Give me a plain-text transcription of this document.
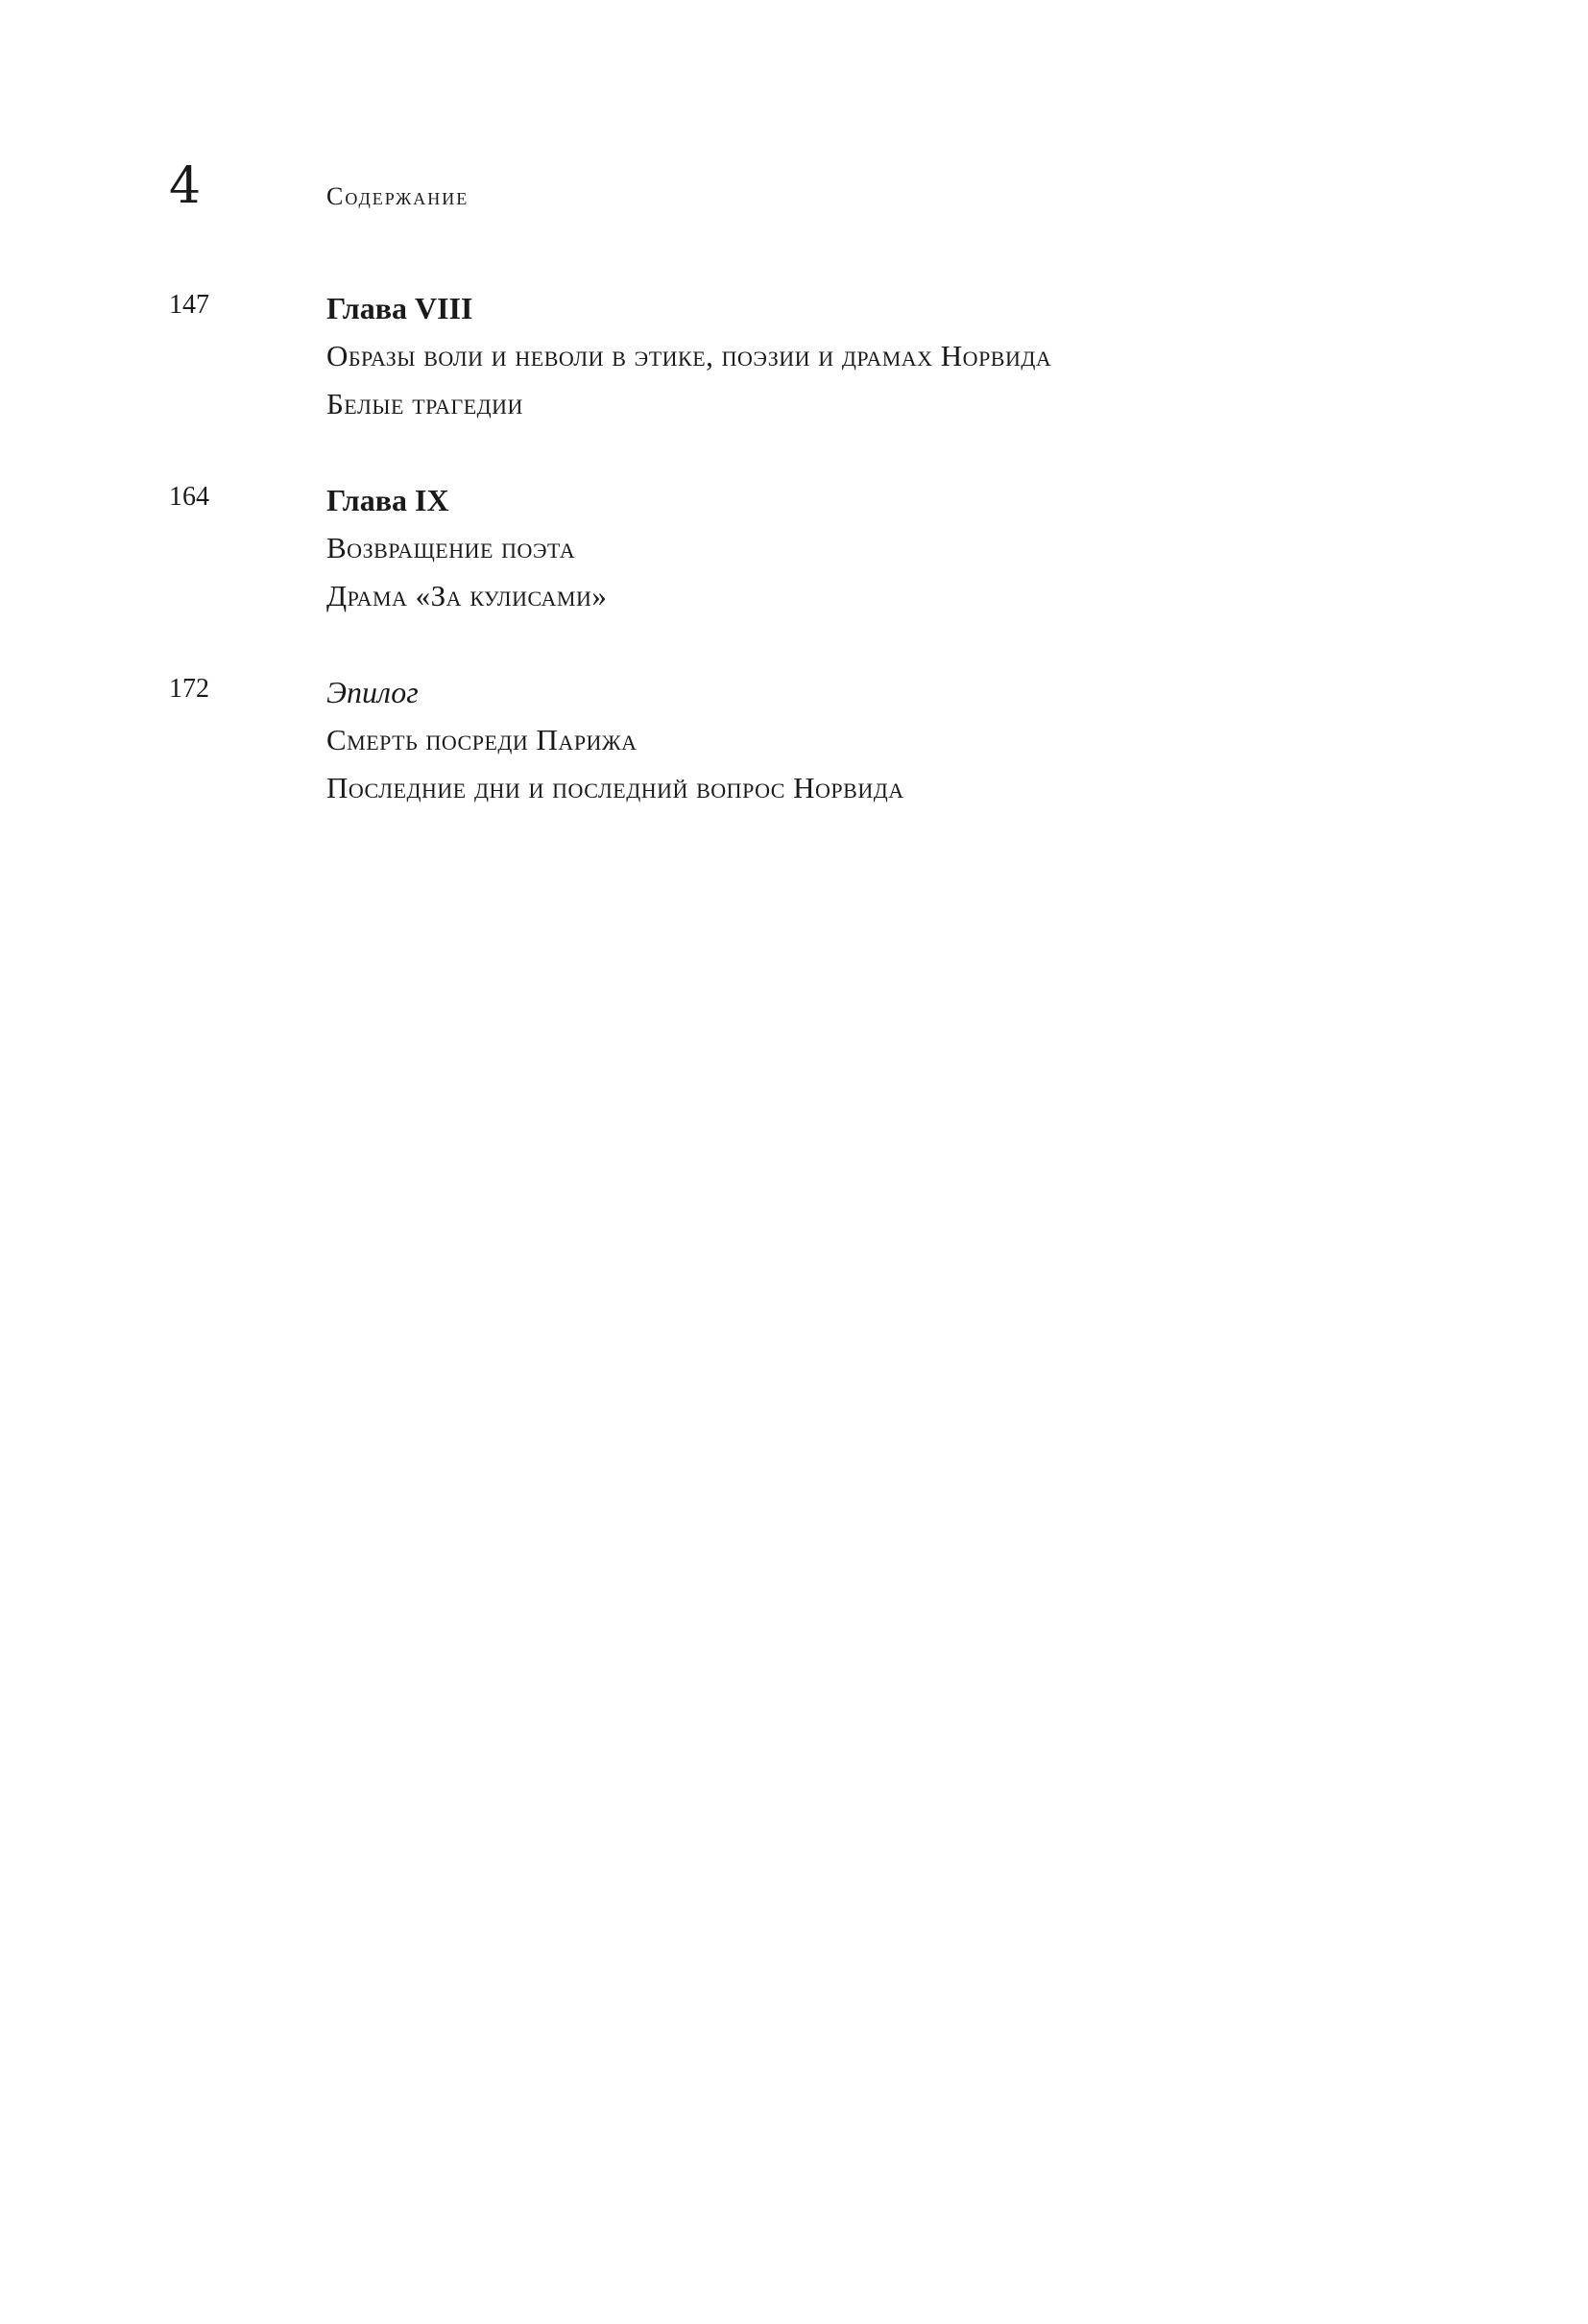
4	Содержание
147	Глава VIII
Образы воли и неволи в этике, поэзии и драмах Норвида
Белые трагедии
164	Глава IX
Возвращение поэта
Драма «За кулисами»
172	Эпилог
Смерть посреди Парижа
Последние дни и последний вопрос Норвида
